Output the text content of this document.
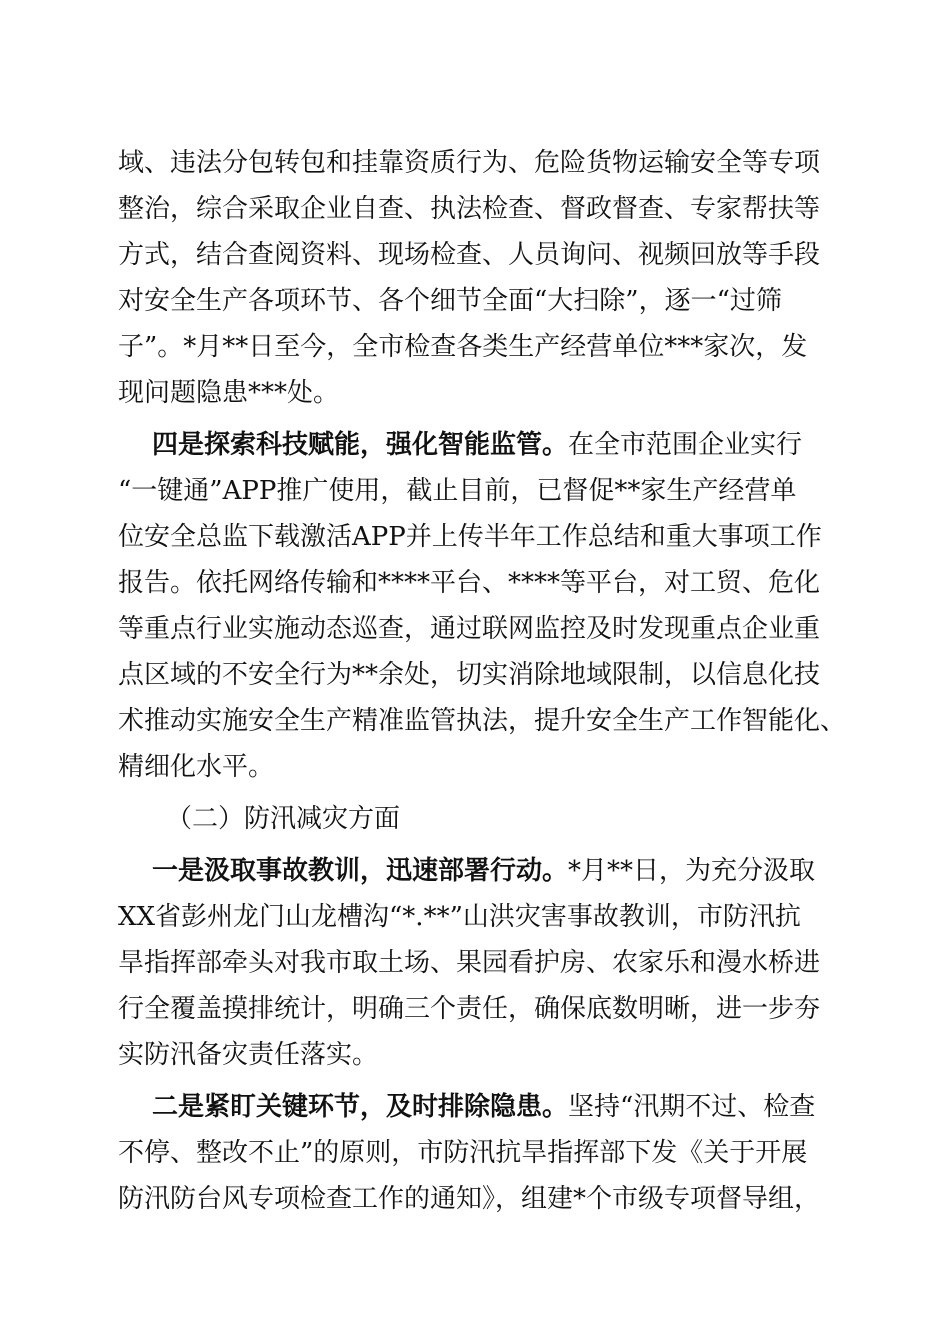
域、违法分包转包和挂靠资质行为、危险货物运输安全等专项
整治，综合采取企业自查、执法检查、督政督查、专家帮扶等
方式，结合查阅资料、现场检查、人员询问、视频回放等手段
对安全生产各项环节、各个细节全面“大扫除”，逐一“过筛
子”。*月**日至今，全市检查各类生产经营单位***家次，发
现问题隐患***处。
四是探索科技赋能，强化智能监管。在全市范围企业实行
“一键通”APP推广使用，截止目前，已督促**家生产经营单
位安全总监下载激活APP并上传半年工作总结和重大事项工作
报告。依托网络传输和****平台、****等平台，对工贸、危化
等重点行业实施动态巡查，通过联网监控及时发现重点企业重
点区域的不安全行为**余处，切实消除地域限制，以信息化技
术推动实施安全生产精准监管执法，提升安全生产工作智能化、
精细化水平。
（二）防汛减灾方面
一是汲取事故教训，迅速部署行动。*月**日，为充分汲取
XX省彭州龙门山龙槽沟“*.**”山洪灾害事故教训，市防汛抗
旱指挥部牵头对我市取土场、果园看护房、农家乐和漫水桥进
行全覆盖摸排统计，明确三个责任，确保底数明晰，进一步夯
实防汛备灾责任落实。
二是紧盯关键环节，及时排除隐患。坚持“汛期不过、检查
不停、整改不止”的原则，市防汛抗旱指挥部下发《关于开展
防汛防台风专项检查工作的通知》，组建*个市级专项督导组，
